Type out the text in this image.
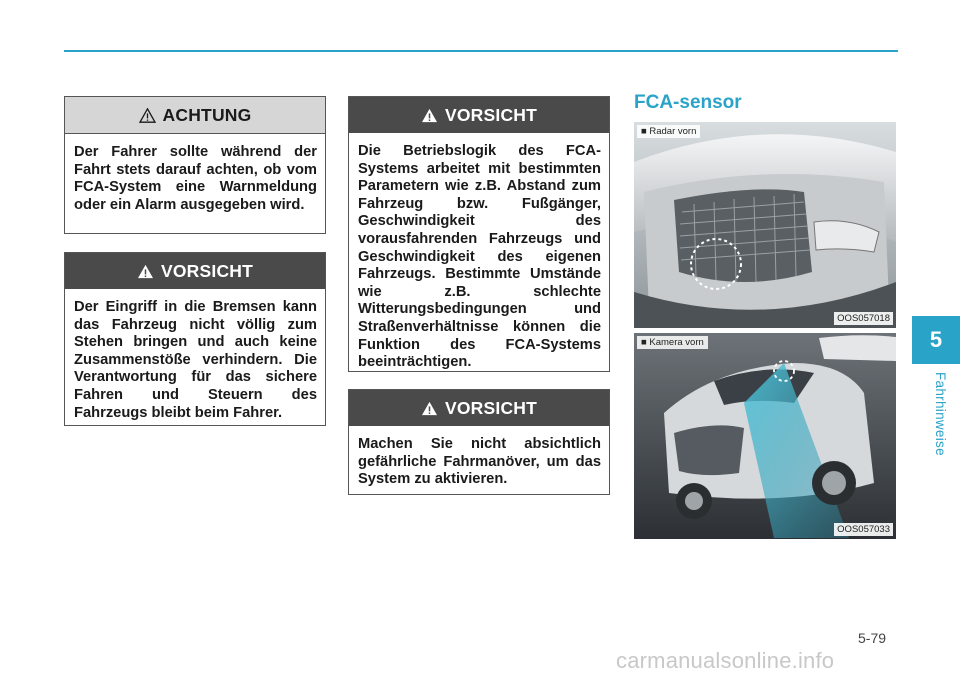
ACHTUNG
Der Fahrer sollte während der Fahrt stets darauf achten, ob vom FCA-System eine Warnmeldung oder ein Alarm ausgegeben wird.
VORSICHT
Der Eingriff in die Bremsen kann das Fahrzeug nicht völlig zum Stehen bringen und auch keine Zusammenstöße verhindern. Die Verantwortung für das sichere Fahren und Steuern des Fahrzeugs bleibt beim Fahrer.
VORSICHT
Die Betriebslogik des FCA-Systems arbeitet mit bestimmten Parametern wie z.B. Abstand zum Fahrzeug bzw. Fußgänger, Geschwindigkeit des vorausfahrenden Fahrzeugs und Geschwindigkeit des eigenen Fahrzeugs. Bestimmte Umstände wie z.B. schlechte Witterungsbedingungen und Straßenverhältnisse können die Funktion des FCA-Systems beeinträchtigen.
VORSICHT
Machen Sie nicht absichtlich gefährliche Fahrmanöver, um das System zu aktivieren.
FCA-sensor
■ Radar vorn
OOS057018
■ Kamera vorn
OOS057033
5
Fahrhinweise
5-79
carmanualsonline.info
